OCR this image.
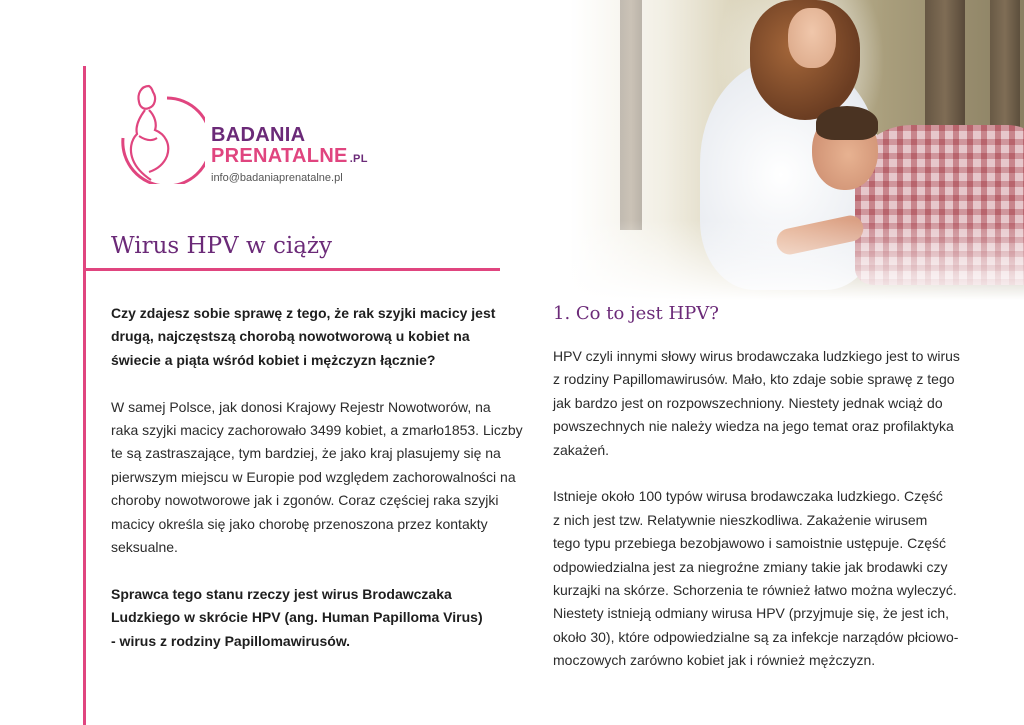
BADANIA
PRENATALNE .PL
info@badaniaprenatalne.pl
Wirus HPV w ciąży

Czy zdajesz sobie sprawę z tego, że rak szyjki macicy jest

drugą, najczęstszą chorobą nowotworową u kobiet na

świecie a piąta wśród kobiet i mężczyzn łącznie?

W samej Polsce, jak donosi Krajowy Rejestr Nowotworów, na

raka szyjki macicy zachorowało 3499 kobiet, a zmarło1853. Liczby

te są zastraszające, tym bardziej, że jako kraj plasujemy się na

pierwszym miejscu w Europie pod względem zachorowalności na

choroby nowotworowe jak i zgonów. Coraz częściej raka szyjki

macicy określa się jako chorobę przenoszona przez kontakty

seksualne.

Sprawca tego stanu rzeczy jest wirus Brodawczaka

Ludzkiego w skrócie HPV (ang. Human Papilloma Virus)

- wirus z rodziny Papillomawirusów.

1. Co to jest HPV?

HPV czyli innymi słowy wirus brodawczaka ludzkiego jest to wirus

z rodziny Papillomawirusów. Mało, kto zdaje sobie sprawę z tego

jak bardzo jest on rozpowszechniony. Niestety jednak wciąż do

powszechnych nie należy wiedza na jego temat oraz profilaktyka

zakażeń.

Istnieje około 100 typów wirusa brodawczaka ludzkiego. Część

z nich jest tzw. Relatywnie nieszkodliwa. Zakażenie wirusem

tego typu przebiega bezobjawowo i samoistnie ustępuje. Część

odpowiedzialna jest za niegroźne zmiany takie jak brodawki czy

kurzajki na skórze. Schorzenia te również łatwo można wyleczyć.

Niestety istnieją odmiany wirusa HPV (przyjmuje się, że jest ich,

około 30), które odpowiedzialne są za infekcje narządów płciowo-

moczowych zarówno kobiet jak i również mężczyzn.
